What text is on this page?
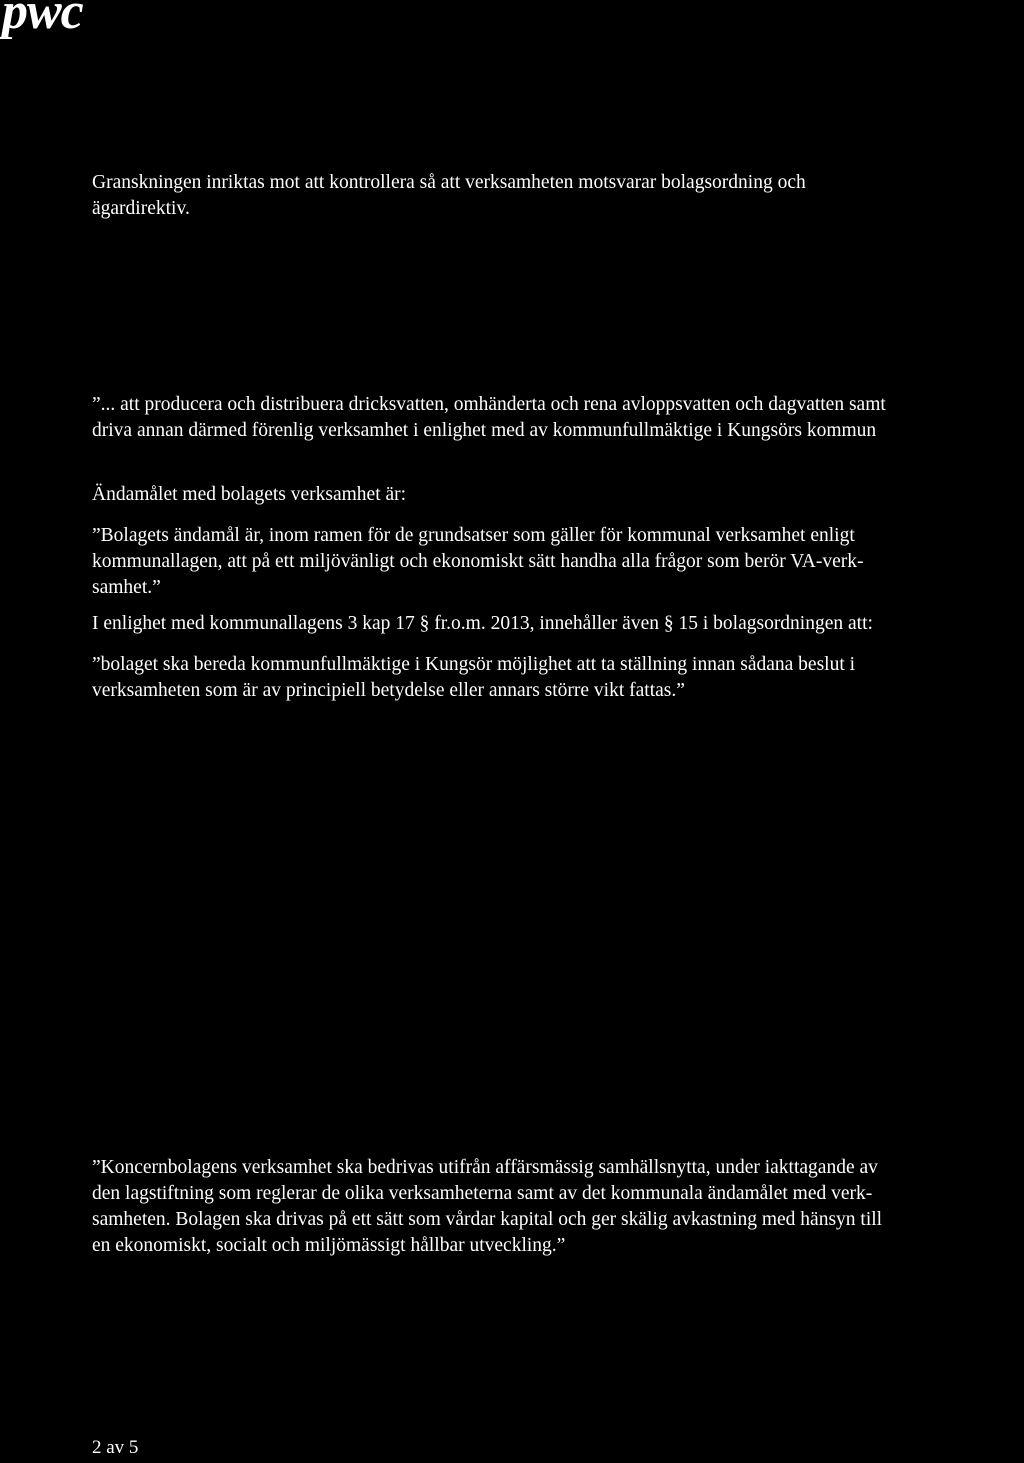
pwc

Granskningen inriktas mot att kontrollera så att verksamheten motsvarar bolagsordning och
ägardirektiv.

”... att producera och distribuera dricksvatten, omhänderta och rena avloppsvatten och dagvatten samt
driva annan därmed förenlig verksamhet i enlighet med av kommunfullmäktige i Kungsörs kommun

Ändamålet med bolagets verksamhet är:

”Bolagets ändamål är, inom ramen för de grundsatser som gäller för kommunal verksamhet enligt
kommunallagen, att på ett miljövänligt och ekonomiskt sätt handha alla frågor som berör VA-verk-
samhet.”

I enlighet med kommunallagens 3 kap 17 § fr.o.m. 2013, innehåller även § 15 i bolagsordningen att:

”bolaget ska bereda kommunfullmäktige i Kungsör möjlighet att ta ställning innan sådana beslut i
verksamheten som är av principiell betydelse eller annars större vikt fattas.”

”Koncernbolagens verksamhet ska bedrivas utifrån affärsmässig samhällsnytta, under iakttagande av
den lagstiftning som reglerar de olika verksamheterna samt av det kommunala ändamålet med verk-
samheten. Bolagen ska drivas på ett sätt som vårdar kapital och ger skälig avkastning med hänsyn till
en ekonomiskt, socialt och miljömässigt hållbar utveckling.”

2 av 5
